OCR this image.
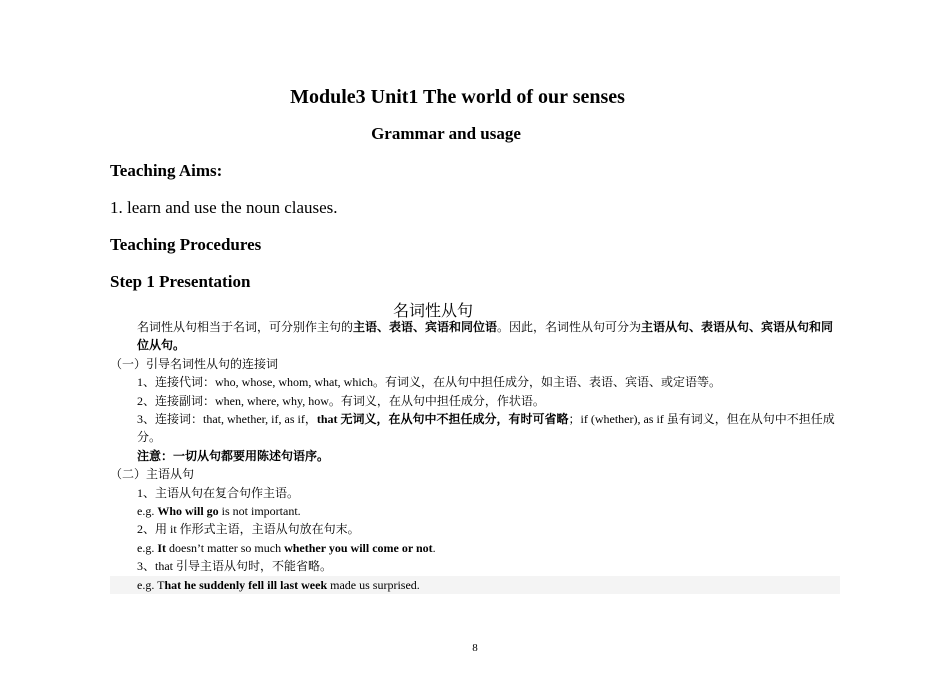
Module3 Unit1 The world of our senses
Grammar and usage
Teaching Aims:
1. learn and use the noun clauses.
Teaching Procedures
Step 1 Presentation
名词性从句
名词性从句相当于名词，可分别作主句的主语、表语、宾语和同位语。因此，名词性从句可分为主语从句、表语从句、宾语从句和同位从句。
（一）引导名词性从句的连接词
1、连接代词：who, whose, whom, what, which。有词义，在从句中担任成分，如主语、表语、宾语、或定语等。
2、连接副词：when, where, why, how。有词义，在从句中担任成分，作状语。
3、连接词：that, whether, if, as if，that 无词义，在从句中不担任成分，有时可省略；if (whether), as if 虽有词义，但在从句中不担任成分。
注意：一切从句都要用陈述句语序。
（二）主语从句
1、主语从句在复合句作主语。
e.g. Who will go is not important.
2、用 it 作形式主语，主语从句放在句末。
e.g. It doesn’t matter so much whether you will come or not.
3、that 引导主语从句时，不能省略。
e.g. That he suddenly fell ill last week made us surprised.
8
